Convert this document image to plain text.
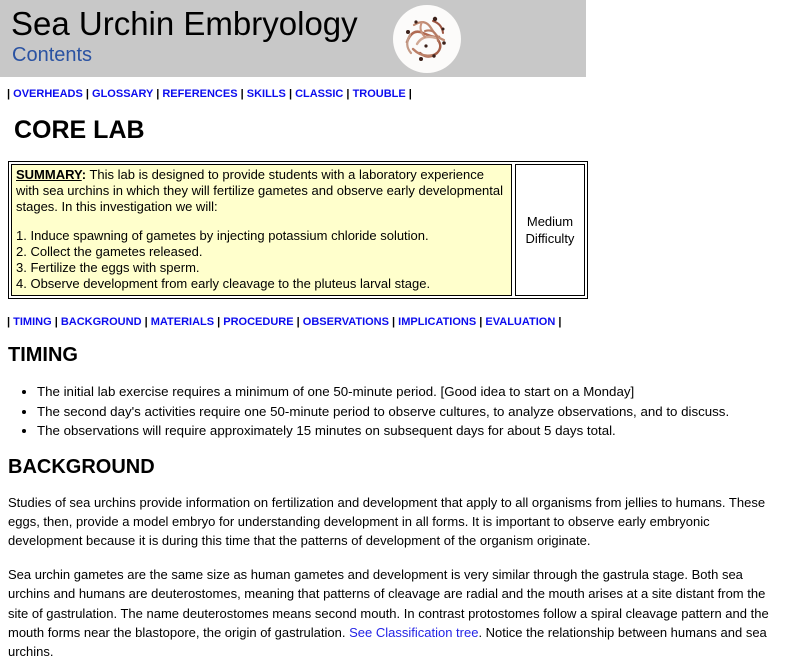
Sea Urchin Embryology
Contents
| OVERHEADS | GLOSSARY | REFERENCES | SKILLS | CLASSIC | TROUBLE |
CORE LAB
SUMMARY: This lab is designed to provide students with a laboratory experience with sea urchins in which they will fertilize gametes and observe early developmental stages. In this investigation we will:
1. Induce spawning of gametes by injecting potassium chloride solution.
2. Collect the gametes released.
3. Fertilize the eggs with sperm.
4. Observe development from early cleavage to the pluteus larval stage.
Medium Difficulty
| TIMING | BACKGROUND | MATERIALS | PROCEDURE | OBSERVATIONS | IMPLICATIONS | EVALUATION |
TIMING
• The initial lab exercise requires a minimum of one 50-minute period. [Good idea to start on a Monday]
• The second day's activities require one 50-minute period to observe cultures, to analyze observations, and to discuss.
• The observations will require approximately 15 minutes on subsequent days for about 5 days total.
BACKGROUND

Studies of sea urchins provide information on fertilization and development that apply to all organisms from jellies to humans. These eggs, then, provide a model embryo for understanding development in all forms. It is important to observe early embryonic development because it is during this time that the patterns of development of the organism originate.

Sea urchin gametes are the same size as human gametes and development is very similar through the gastrula stage. Both sea urchins and humans are deuterostomes, meaning that patterns of cleavage are radial and the mouth arises at a site distant from the site of gastrulation. The name deuterostomes means second mouth. In contrast protostomes follow a spiral cleavage pattern and the mouth forms near the blastopore, the origin of gastrulation. See Classification tree. Notice the relationship between humans and sea urchins.
